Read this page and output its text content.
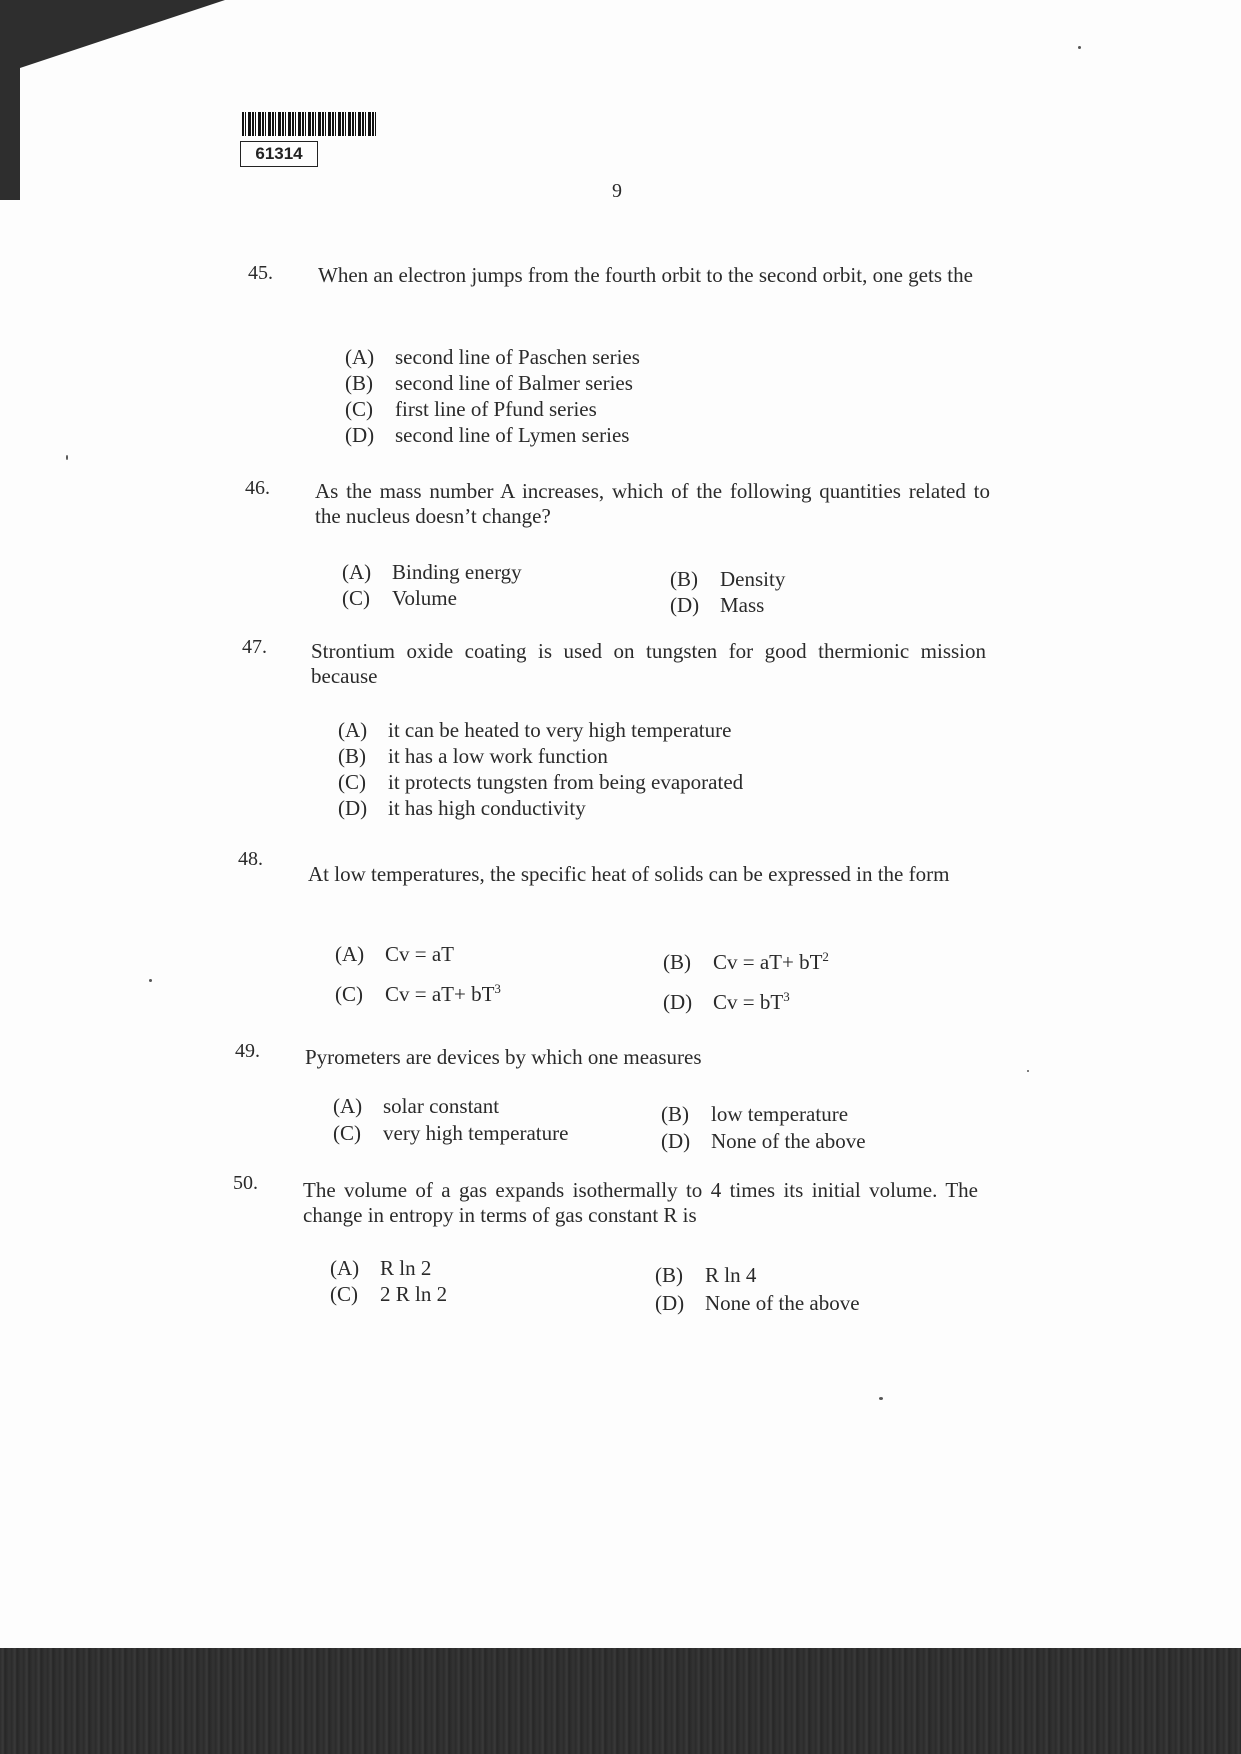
61314
9
45. When an electron jumps from the fourth orbit to the second orbit, one gets the
(A) second line of Paschen series
(B) second line of Balmer series
(C) first line of Pfund series
(D) second line of Lymen series
46. As the mass number A increases, which of the following quantities related to the nucleus doesn’t change?
(A) Binding energy	(B) Density
(C) Volume	(D) Mass
47. Strontium oxide coating is used on tungsten for good thermionic mission because
(A) it can be heated to very high temperature
(B) it has a low work function
(C) it protects tungsten from being evaporated
(D) it has high conductivity
48.
At low temperatures, the specific heat of solids can be expressed in the form
(A) Cv = aT	(B) $Cv = aT+ bT^2$
(C) $Cv = aT+ bT^3$
(D) $Cv = bT^3$
49. Pyrometers are devices by which one measures
(A) solar constant	(B) low temperature
(C) very high temperature	(D) None of the above
50. The volume of a gas expands isothermally to 4 times its initial volume. The change in entropy in terms of gas constant R is
(A) R ln 2	(B) R ln 4
(C) 2 R ln 2	(D) None of the above
